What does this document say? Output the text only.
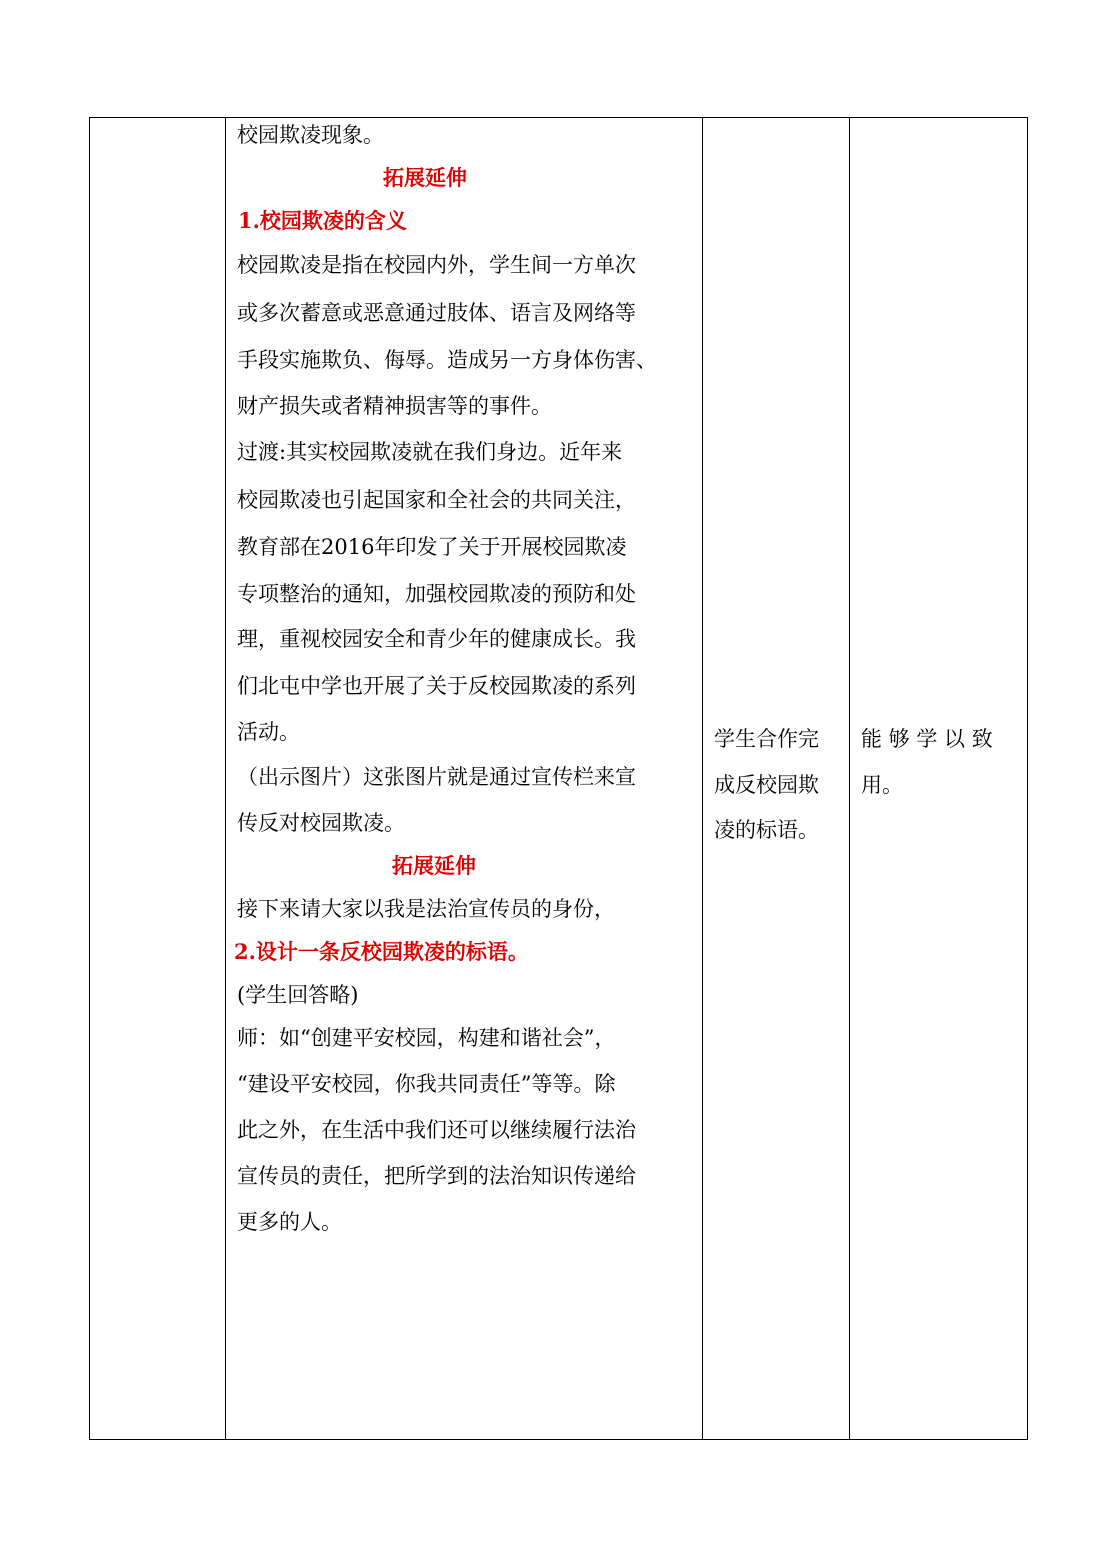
校园欺凌现象。
拓展延伸
1.校园欺凌的含义
校园欺凌是指在校园内外，学生间一方单次
或多次蓄意或恶意通过肢体、语言及网络等
手段实施欺负、侮辱。造成另一方身体伤害、
财产损失或者精神损害等的事件。
过渡:其实校园欺凌就在我们身边。近年来
校园欺凌也引起国家和全社会的共同关注，
教育部在2016年印发了关于开展校园欺凌
专项整治的通知，加强校园欺凌的预防和处
理，重视校园安全和青少年的健康成长。我
们北屯中学也开展了关于反校园欺凌的系列
活动。
（出示图片）这张图片就是通过宣传栏来宣
传反对校园欺凌。
拓展延伸
接下来请大家以我是法治宣传员的身份，
2.设计一条反校园欺凌的标语。
(学生回答略)
师：如“创建平安校园，构建和谐社会”，
“建设平安校园，你我共同责任”等等。除
此之外，在生活中我们还可以继续履行法治
宣传员的责任，把所学到的法治知识传递给
更多的人。
学生合作完
成反校园欺
凌的标语。
能 够 学 以 致
用。
